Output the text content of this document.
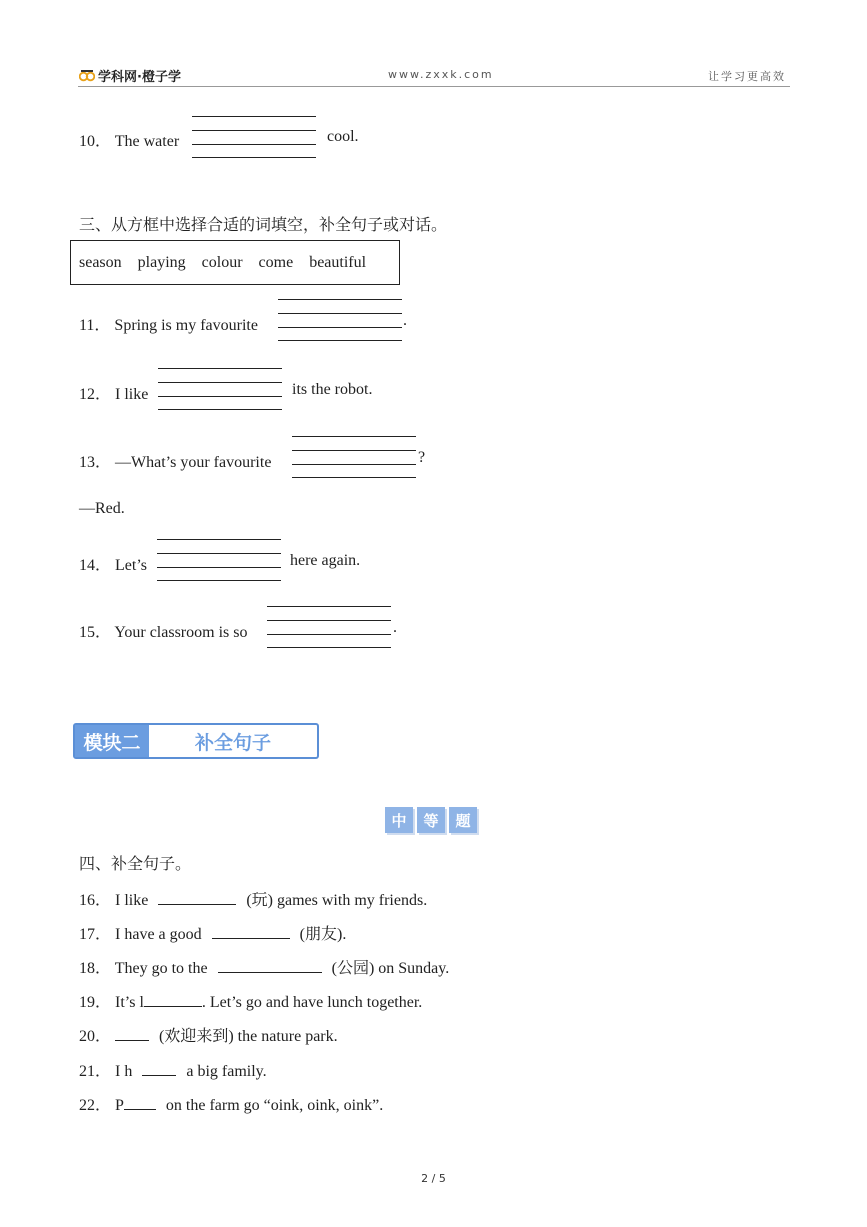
学科网·橙子学	www.zxxk.com	让学习更高效
10． The water	cool.
三、从方框中选择合适的词填空，补全句子或对话。
season playing colour come beautiful
11． Spring is my favourite	.
12． I like	its the robot.
13． —What’s your favourite	?
—Red.
14． Let’s	here again.
15． Your classroom is so	.
模块二	补全句子
中	等	题
四、补全句子。
16． I like	(玩) games with my friends.
17． I have a good	(朋友).
18． They go to the	(公园) on Sunday.
19． It’s l	. Let’s go and have lunch together.
20．	(欢迎来到) the nature park.
21． I h	a big family.
22． P	on the farm go “oink, oink, oink”.
2 / 5
